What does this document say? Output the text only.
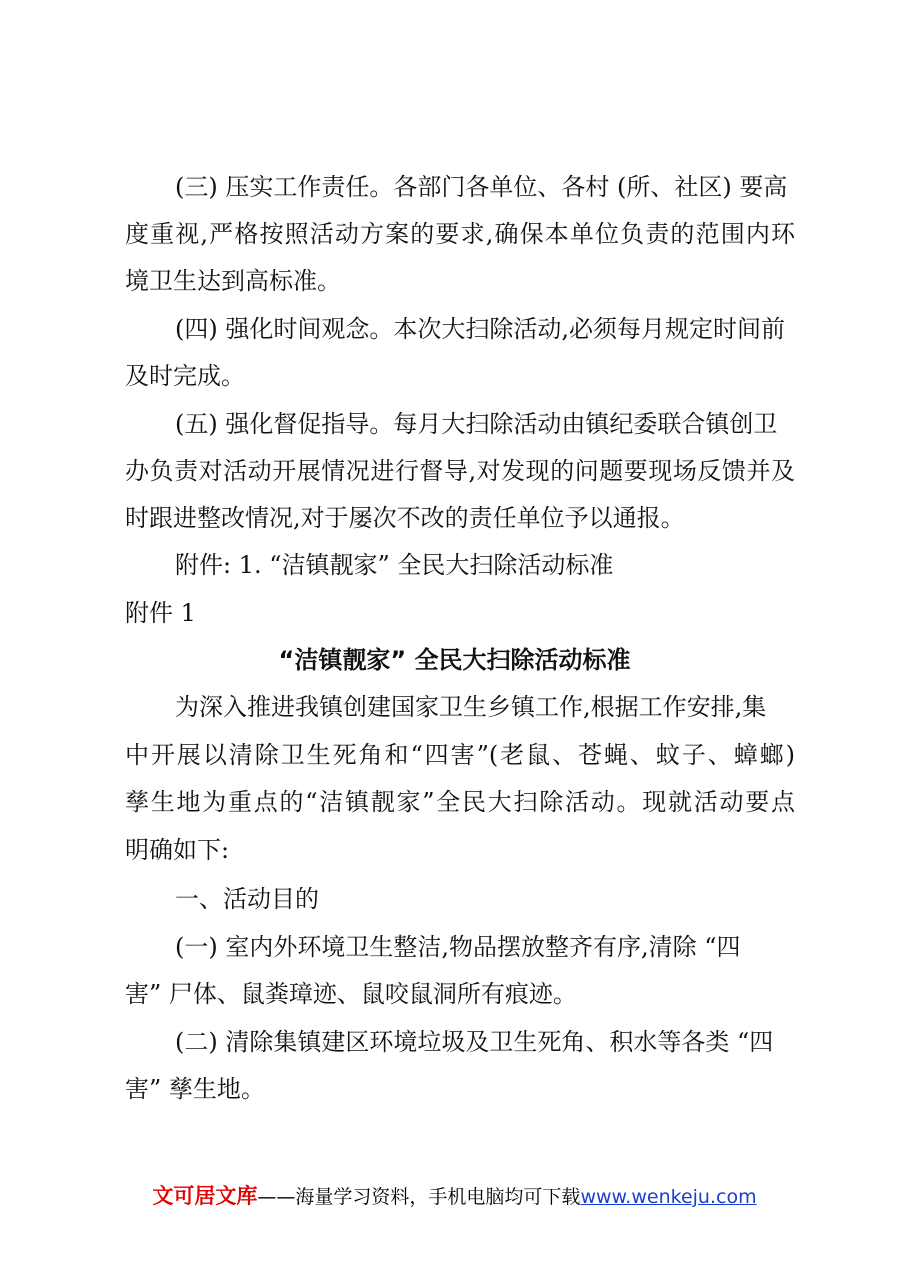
(三) 压实工作责任。各部门各单位、各村 (所、社区) 要高
度重视,严格按照活动方案的要求,确保本单位负责的范围内环
境卫生达到高标准。
(四) 强化时间观念。本次大扫除活动,必须每月规定时间前
及时完成。
(五) 强化督促指导。每月大扫除活动由镇纪委联合镇创卫
办负责对活动开展情况进行督导,对发现的问题要现场反馈并及
时跟进整改情况,对于屡次不改的责任单位予以通报。
附件: 1. “洁镇靓家” 全民大扫除活动标准
附件 1
“洁镇靓家” 全民大扫除活动标准
为深入推进我镇创建国家卫生乡镇工作,根据工作安排,集
中开展以清除卫生死角和“四害”(老鼠、苍蝇、蚊子、蟑螂)
孳生地为重点的“洁镇靓家”全民大扫除活动。现就活动要点
明确如下:
一、活动目的
(一) 室内外环境卫生整洁,物品摆放整齐有序,清除 “四
害” 尸体、鼠粪璋迹、鼠咬鼠洞所有痕迹。
(二) 清除集镇建区环境垃圾及卫生死角、积水等各类 “四
害” 孳生地。
文可居文库——海量学习资料，手机电脑均可下载www.wenkeju.com
